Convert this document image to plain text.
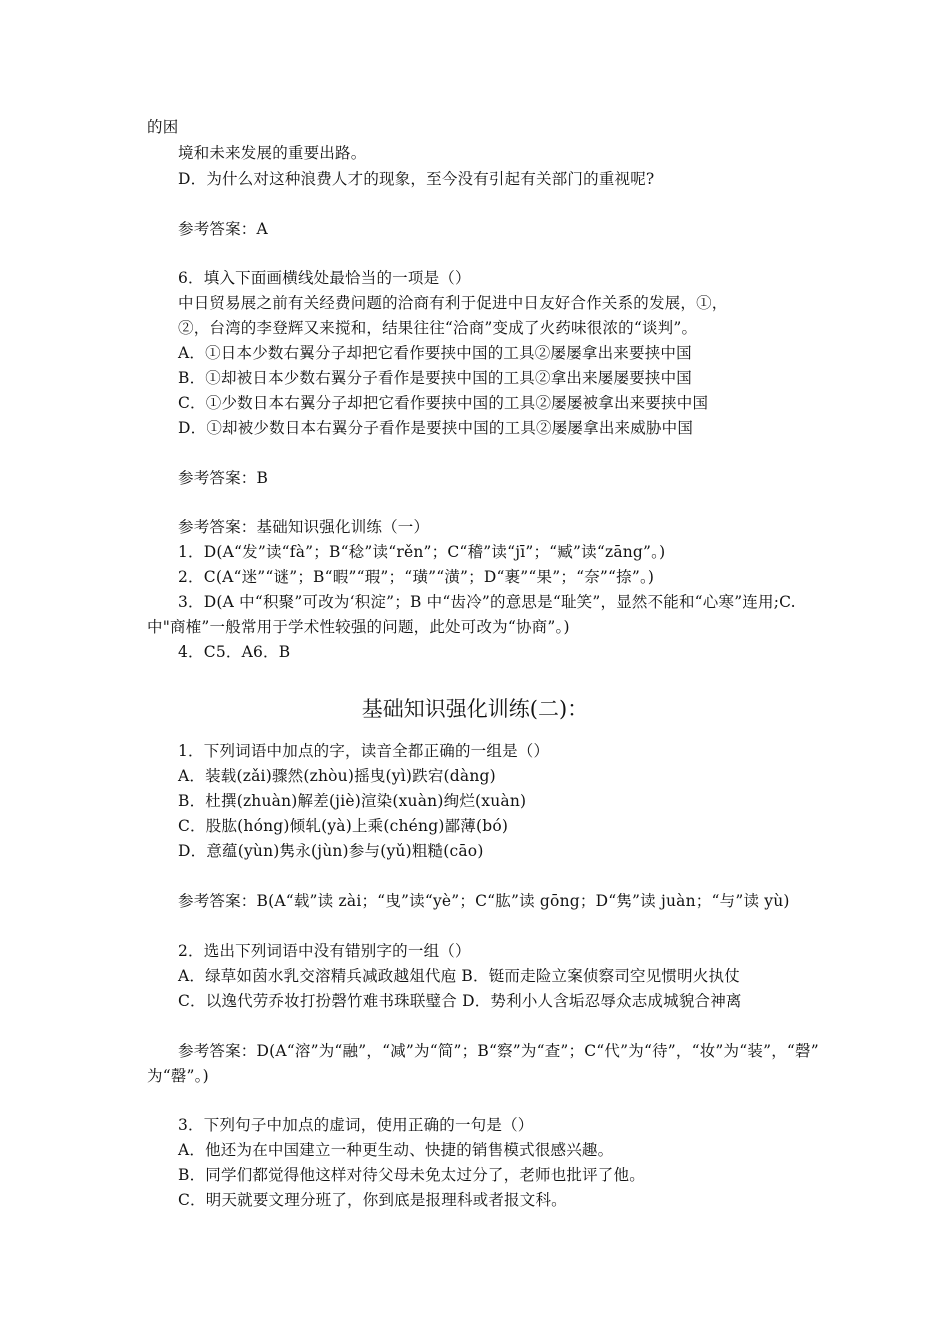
的困
境和未来发展的重要出路。
D．为什么对这种浪费人才的现象，至今没有引起有关部门的重视呢?
参考答案：A
6．填入下面画横线处最恰当的一项是（）
中日贸易展之前有关经费问题的洽商有利于促进中日友好合作关系的发展，①，
②，台湾的李登辉又来搅和，结果往往“洽商”变成了火药味很浓的“谈判”。
A．①日本少数右翼分子却把它看作要挟中国的工具②屡屡拿出来要挟中国
B．①却被日本少数右翼分子看作是要挟中国的工具②拿出来屡屡要挟中国
C．①少数日本右翼分子却把它看作要挟中国的工具②屡屡被拿出来要挟中国
D．①却被少数日本右翼分子看作是要挟中国的工具②屡屡拿出来威胁中国
参考答案：B
参考答案：基础知识强化训练（一）
1．D(A“发”读“fà”；B“稔”读“rěn”；C“稽”读“jī”；“臧”读“zāng”。)
2．C(A“迷”“谜”；B“暇”“瑕”；“璜”“潢”；D“裹”“果”；“奈”“捺”。)
3．D(A 中“积聚”可改为‘积淀”；B 中“齿冷”的意思是“耻笑”，显然不能和“心寒”连用;C.
中"商榷”一般常用于学术性较强的问题，此处可改为“协商”。)
4．C5．A6．B
基础知识强化训练(二)：
1．下列词语中加点的字，读音全都正确的一组是（）
A．装载(zǎi)骤然(zhòu)摇曳(yì)跌宕(dàng)
B．杜撰(zhuàn)解差(jiè)渲染(xuàn)绚烂(xuàn)
C．股肱(hóng)倾轧(yà)上乘(chéng)鄙薄(bó)
D．意蕴(yùn)隽永(jùn)参与(yǔ)粗糙(cāo)
参考答案：B(A“载”读 zài；“曳”读“yè”；C“肱”读 gōng；D“隽”读 juàn；“与”读 yù)
2．选出下列词语中没有错别字的一组（）
A．绿草如茵水乳交溶精兵减政越俎代庖 B．铤而走险立案侦察司空见惯明火执仗
C．以逸代劳乔妆打扮磬竹难书珠联璧合 D．势利小人含垢忍辱众志成城貌合神离
参考答案：D(A“溶”为“融”，“减”为“简”；B“察”为“查”；C“代”为“待”，“妆”为“装”，“磬”
为“罄”。)
3．下列句子中加点的虚词，使用正确的一句是（）
A．他还为在中国建立一种更生动、快捷的销售模式很感兴趣。
B．同学们都觉得他这样对待父母未免太过分了，老师也批评了他。
C．明天就要文理分班了，你到底是报理科或者报文科。
